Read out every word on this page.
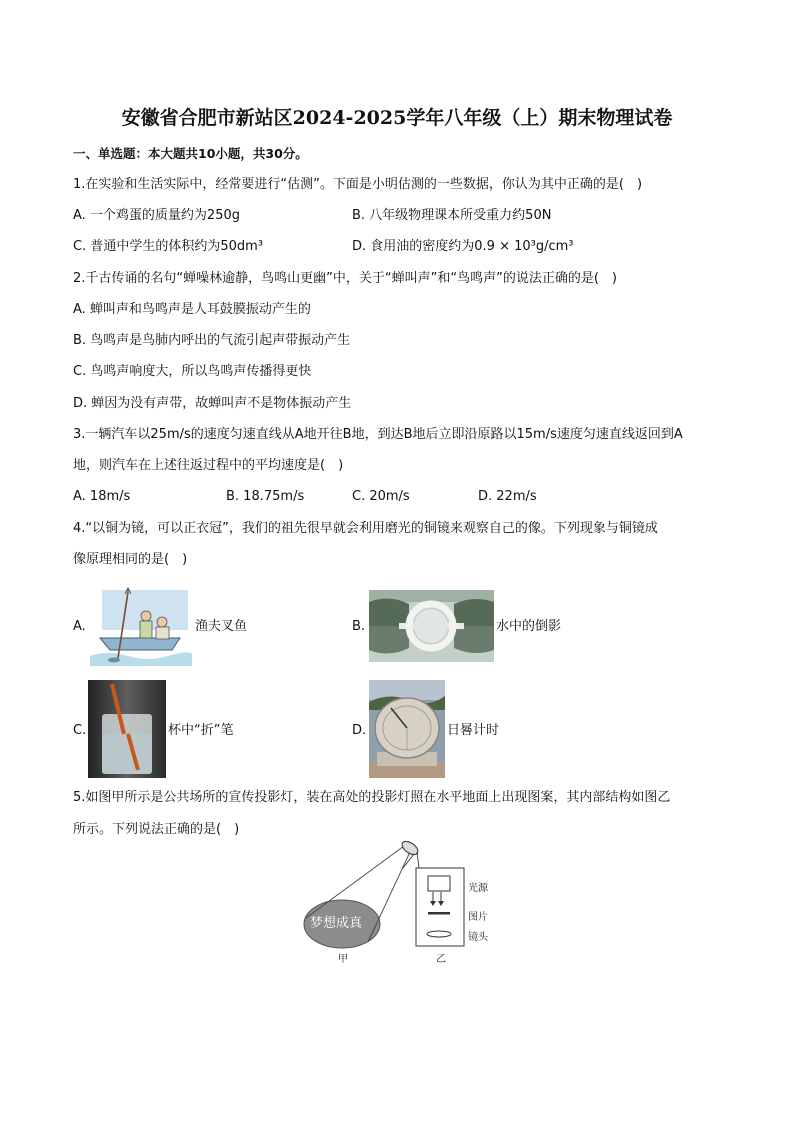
安徽省合肥市新站区2024-2025学年八年级（上）期末物理试卷
一、单选题：本大题共10小题，共30分。
1.在实验和生活实际中，经常要进行“估测”。下面是小明估测的一些数据，你认为其中正确的是(　)
A. 一个鸡蛋的质量约为250g	B. 八年级物理课本所受重力约50N
C. 普通中学生的体积约为50dm³	D. 食用油的密度约为0.9 × 10³g/cm³
2.千古传诵的名句“蝉噪林逾静，鸟鸣山更幽”中，关于“蝉叫声”和“鸟鸣声”的说法正确的是(　)
A. 蝉叫声和鸟鸣声是人耳鼓膜振动产生的
B. 鸟鸣声是鸟肺内呼出的气流引起声带振动产生
C. 鸟鸣声响度大，所以鸟鸣声传播得更快
D. 蝉因为没有声带，故蝉叫声不是物体振动产生
3.一辆汽车以25m/s的速度匀速直线从A地开往B地，到达B地后立即沿原路以15m/s速度匀速直线返回到A
地，则汽车在上述往返过程中的平均速度是(　)
A. 18m/s	B. 18.75m/s	C. 20m/s	D. 22m/s
4.“以铜为镜，可以正衣冠”，我们的祖先很早就会利用磨光的铜镜来观察自己的像。下列现象与铜镜成
像原理相同的是(　)
A.	渔夫叉鱼	B.	水中的倒影
C.	杯中“折”笔	D.	日晷计时
5.如图甲所示是公共场所的宣传投影灯，装在高处的投影灯照在水平地面上出现图案，其内部结构如图乙
所示。下列说法正确的是(　)
梦想成真
甲	乙
光源
图片
镜头
